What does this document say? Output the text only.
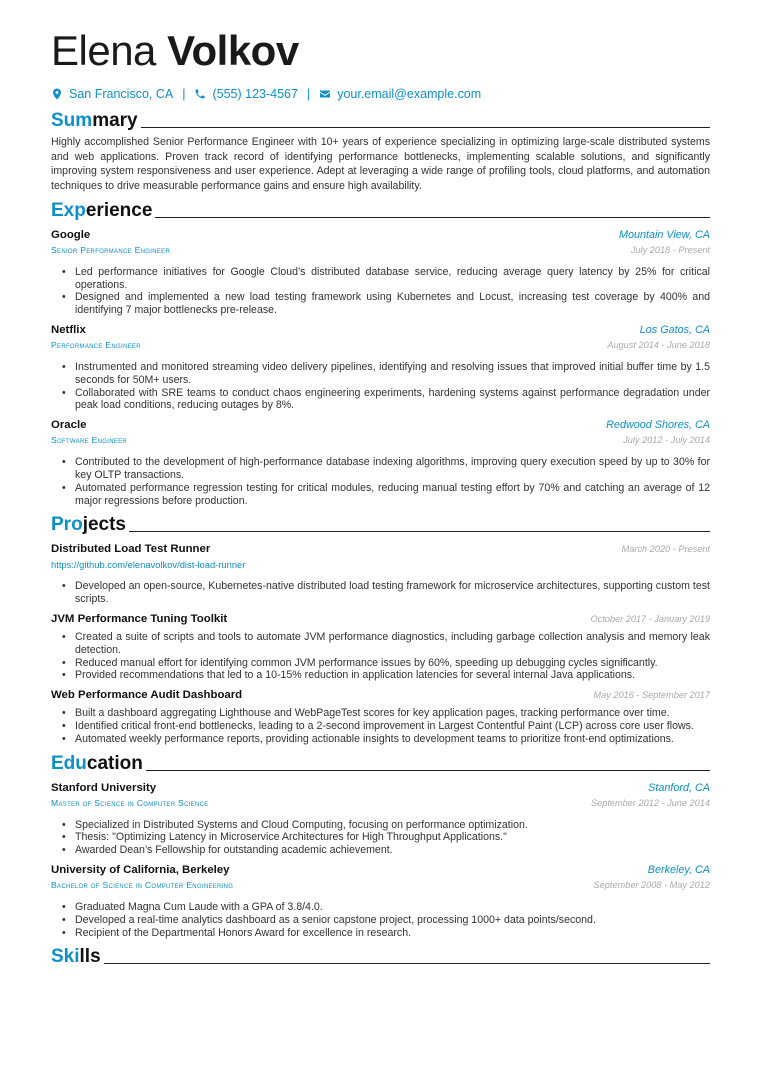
Elena Volkov
San Francisco, CA | (555) 123-4567 | your.email@example.com
Summary

Highly accomplished Senior Performance Engineer with 10+ years of experience specializing in optimizing large-scale distributed systems and web applications. Proven track record of identifying performance bottlenecks, implementing scalable solutions, and significantly improving system responsiveness and user experience. Adept at leveraging a wide range of profiling tools, cloud platforms, and automation techniques to drive measurable performance gains and ensure high availability.

Experience
Google	Mountain View, CA
Senior Performance Engineer	July 2018 - Present
• Led performance initiatives for Google Cloud’s distributed database service, reducing average query latency by 25% for critical operations.
• Designed and implemented a new load testing framework using Kubernetes and Locust, increasing test coverage by 400% and identifying 7 major bottlenecks pre-release.
Netflix	Los Gatos, CA
Performance Engineer	August 2014 - June 2018
• Instrumented and monitored streaming video delivery pipelines, identifying and resolving issues that improved initial buffer time by 1.5 seconds for 50M+ users.
• Collaborated with SRE teams to conduct chaos engineering experiments, hardening systems against performance degradation under peak load conditions, reducing outages by 8%.
Oracle	Redwood Shores, CA
Software Engineer	July 2012 - July 2014
• Contributed to the development of high-performance database indexing algorithms, improving query execution speed by up to 30% for key OLTP transactions.
• Automated performance regression testing for critical modules, reducing manual testing effort by 70% and catching an average of 12 major regressions before production.
Projects
Distributed Load Test Runner	March 2020 - Present
https://github.com/elenavolkov/dist-load-runner
• Developed an open-source, Kubernetes-native distributed load testing framework for microservice architectures, supporting custom test scripts.
JVM Performance Tuning Toolkit	October 2017 - January 2019
• Created a suite of scripts and tools to automate JVM performance diagnostics, including garbage collection analysis and memory leak detection.
• Reduced manual effort for identifying common JVM performance issues by 60%, speeding up debugging cycles significantly.
• Provided recommendations that led to a 10-15% reduction in application latencies for several internal Java applications.
Web Performance Audit Dashboard	May 2016 - September 2017
• Built a dashboard aggregating Lighthouse and WebPageTest scores for key application pages, tracking performance over time.
• Identified critical front-end bottlenecks, leading to a 2-second improvement in Largest Contentful Paint (LCP) across core user flows.
• Automated weekly performance reports, providing actionable insights to development teams to prioritize front-end optimizations.
Education
Stanford University	Stanford, CA
Master of Science in Computer Science	September 2012 - June 2014
• Specialized in Distributed Systems and Cloud Computing, focusing on performance optimization.
• Thesis: "Optimizing Latency in Microservice Architectures for High Throughput Applications."
• Awarded Dean’s Fellowship for outstanding academic achievement.
University of California, Berkeley	Berkeley, CA
Bachelor of Science in Computer Engineering	September 2008 - May 2012
• Graduated Magna Cum Laude with a GPA of 3.8/4.0.
• Developed a real-time analytics dashboard as a senior capstone project, processing 1000+ data points/second.
• Recipient of the Departmental Honors Award for excellence in research.
Skills
